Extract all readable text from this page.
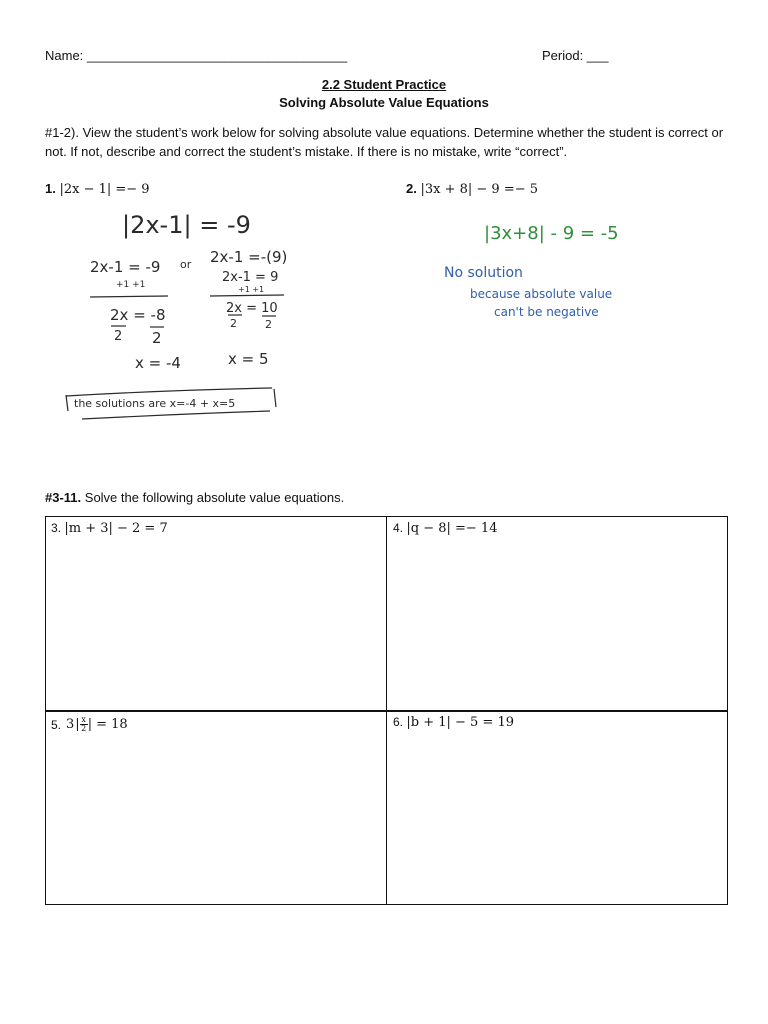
Name: ____________________________________	Period: ___
2.2 Student Practice
Solving Absolute Value Equations
#1-2). View the student’s work below for solving absolute value equations. Determine whether the student is correct or not. If not, describe and correct the student’s mistake. If there is no mistake, write “correct”.
1. |2x − 1| =− 9	2. |3x + 8| − 9 =− 5
|2x-1| = -9
2x-1 = -9 or 2x-1 =-(9)
2x-1 = 9
+1 +1	+1 +1
2x = -8	2x = 10
2 2
2	2
x = -4	x = 5
the solutions are x=-4 + x=5
|3x+8| - 9 = -5
No solution
because absolute value
can't be negative
#3-11. Solve the following absolute value equations.
3. |m + 3| − 2 = 7	4. |q − 8| =− 14
5. 3 | $\frac{x}{2}$ | = 18	6. |b + 1| − 5 = 19
